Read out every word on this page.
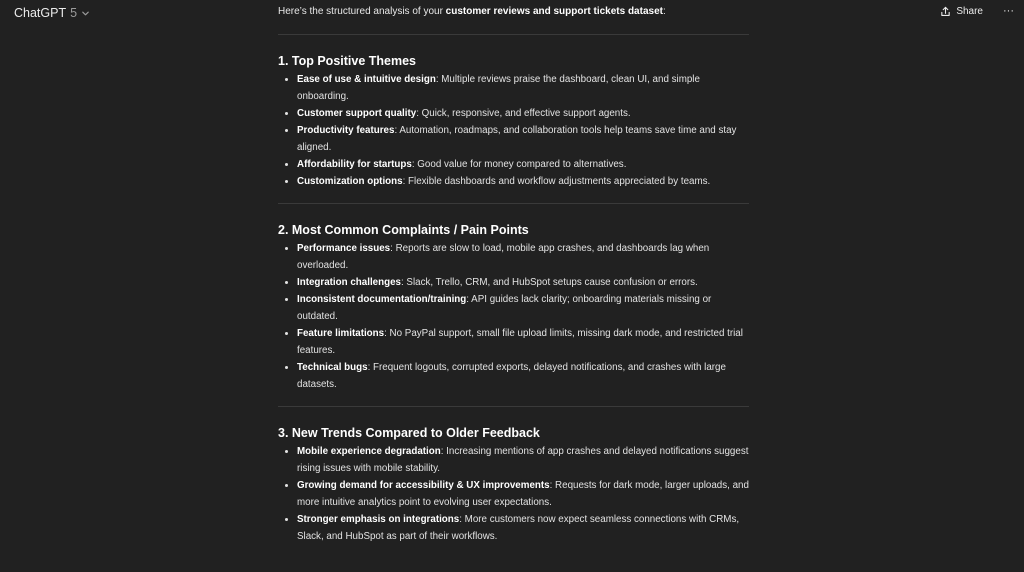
ChatGPT 5	Share ···
Here’s the structured analysis of your customer reviews and support tickets dataset:
1. Top Positive Themes
• Ease of use & intuitive design: Multiple reviews praise the dashboard, clean UI, and simple onboarding.
• Customer support quality: Quick, responsive, and effective support agents.
• Productivity features: Automation, roadmaps, and collaboration tools help teams save time and stay aligned.
• Affordability for startups: Good value for money compared to alternatives.
• Customization options: Flexible dashboards and workflow adjustments appreciated by teams.
2. Most Common Complaints / Pain Points
• Performance issues: Reports are slow to load, mobile app crashes, and dashboards lag when overloaded.
• Integration challenges: Slack, Trello, CRM, and HubSpot setups cause confusion or errors.
• Inconsistent documentation/training: API guides lack clarity; onboarding materials missing or outdated.
• Feature limitations: No PayPal support, small file upload limits, missing dark mode, and restricted trial features.
• Technical bugs: Frequent logouts, corrupted exports, delayed notifications, and crashes with large datasets.
3. New Trends Compared to Older Feedback
• Mobile experience degradation: Increasing mentions of app crashes and delayed notifications suggest rising issues with mobile stability.
• Growing demand for accessibility & UX improvements: Requests for dark mode, larger uploads, and more intuitive analytics point to evolving user expectations.
• Stronger emphasis on integrations: More customers now expect seamless connections with CRMs, Slack, and HubSpot as part of their workflows.
